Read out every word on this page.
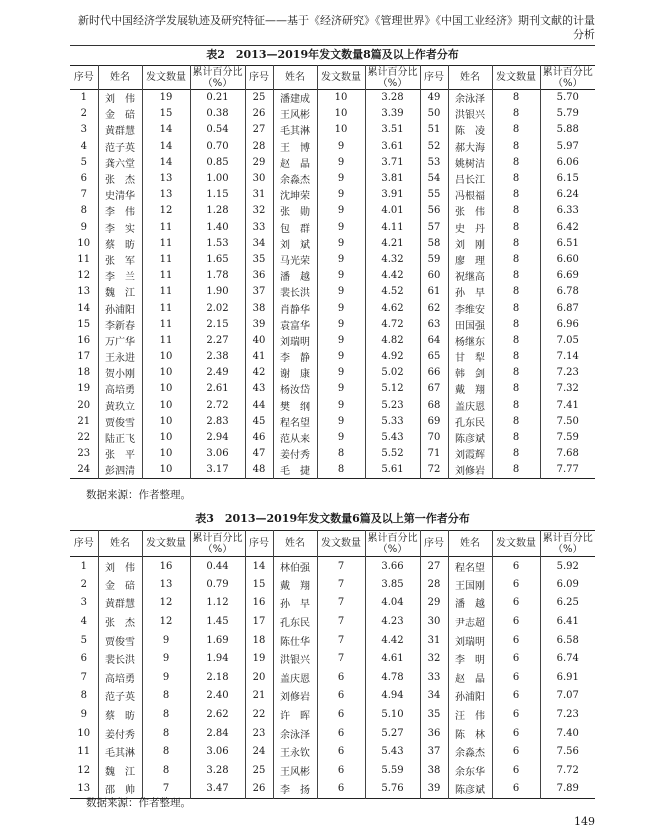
新时代中国经济学发展轨迹及研究特征——基于《经济研究》《管理世界》《中国工业经济》期刊文献的计量分析
表2　2013—2019年发文数量8篇及以上作者分布
序号	姓名	发文数量	累计百分比（%）	序号	姓名	发文数量	累计百分比（%）	序号	姓名	发文数量	累计百分比（%）
1	刘　伟	19	0.21	25	潘建成	10	3.28	49	余泳泽	8	5.70
2	金　碚	15	0.38	26	王风彬	10	3.39	50	洪银兴	8	5.79
3	黄群慧	14	0.54	27	毛其淋	10	3.51	51	陈　凌	8	5.88
4	范子英	14	0.70	28	王　博	9	3.61	52	郝大海	8	5.97
5	龚六堂	14	0.85	29	赵　晶	9	3.71	53	姚树洁	8	6.06
6	张　杰	13	1.00	30	余淼杰	9	3.81	54	吕长江	8	6.15
7	史清华	13	1.15	31	沈坤荣	9	3.91	55	冯根福	8	6.24
8	李　伟	12	1.28	32	张　勋	9	4.01	56	张　伟	8	6.33
9	李　实	11	1.40	33	包　群	9	4.11	57	史　丹	8	6.42
10	蔡　昉	11	1.53	34	刘　斌	9	4.21	58	刘　刚	8	6.51
11	张　军	11	1.65	35	马光荣	9	4.32	59	廖　理	8	6.60
12	李　兰	11	1.78	36	潘　越	9	4.42	60	祝继高	8	6.69
13	魏　江	11	1.90	37	裴长洪	9	4.52	61	孙　早	8	6.78
14	孙浦阳	11	2.02	38	肖静华	9	4.62	62	李维安	8	6.87
15	李新春	11	2.15	39	袁富华	9	4.72	63	田国强	8	6.96
16	万广华	11	2.27	40	刘瑞明	9	4.82	64	杨继东	8	7.05
17	王永进	10	2.38	41	李　静	9	4.92	65	甘　犁	8	7.14
18	贺小刚	10	2.49	42	谢　康	9	5.02	66	韩　剑	8	7.23
19	高培勇	10	2.61	43	杨汝岱	9	5.12	67	戴　翔	8	7.32
20	黄玖立	10	2.72	44	樊　纲	9	5.23	68	盖庆恩	8	7.41
21	贾俊雪	10	2.83	45	程名望	9	5.33	69	孔东民	8	7.50
22	陆正飞	10	2.94	46	范从来	9	5.43	70	陈彦斌	8	7.59
23	张　平	10	3.06	47	姜付秀	8	5.52	71	刘霞辉	8	7.68
24	彭泗清	10	3.17	48	毛　捷	8	5.61	72	刘修岩	8	7.77
数据来源：作者整理。
表3　2013—2019年发文数量6篇及以上第一作者分布
序号	姓名	发文数量	累计百分比（%）	序号	姓名	发文数量	累计百分比（%）	序号	姓名	发文数量	累计百分比（%）
1	刘　伟	16	0.44	14	林伯强	7	3.66	27	程名望	6	5.92
2	金　碚	13	0.79	15	戴　翔	7	3.85	28	王国刚	6	6.09
3	黄群慧	12	1.12	16	孙　早	7	4.04	29	潘　越	6	6.25
4	张　杰	12	1.45	17	孔东民	7	4.23	30	尹志超	6	6.41
5	贾俊雪	9	1.69	18	陈仕华	7	4.42	31	刘瑞明	6	6.58
6	裴长洪	9	1.94	19	洪银兴	7	4.61	32	李　明	6	6.74
7	高培勇	9	2.18	20	盖庆恩	6	4.78	33	赵　晶	6	6.91
8	范子英	8	2.40	21	刘修岩	6	4.94	34	孙浦阳	6	7.07
9	蔡　昉	8	2.62	22	许　晖	6	5.10	35	汪　伟	6	7.23
10	姜付秀	8	2.84	23	余泳泽	6	5.27	36	陈　林	6	7.40
11	毛其淋	8	3.06	24	王永钦	6	5.43	37	余淼杰	6	7.56
12	魏　江	8	3.28	25	王风彬	6	5.59	38	余东华	6	7.72
13	邵　帅	7	3.47	26	李　扬	6	5.76	39	陈彦斌	6	7.89
数据来源：作者整理。
149
